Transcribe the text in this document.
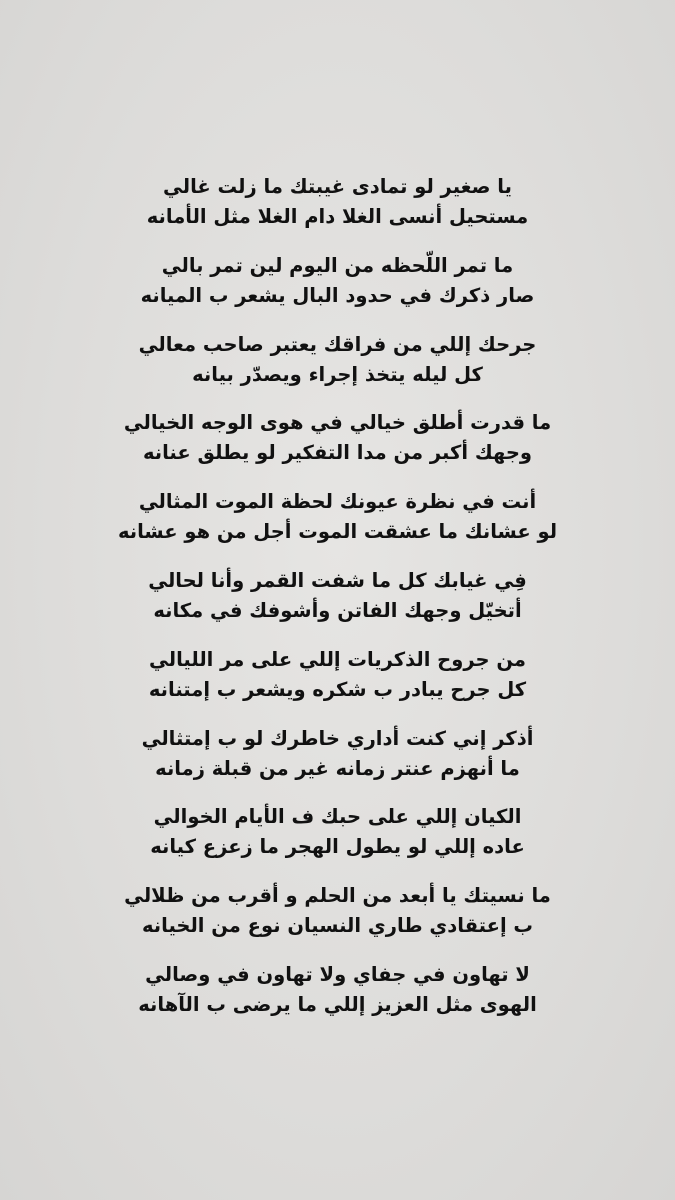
يا صغير لو تمادى غيبتك ما زلت غالي
مستحيل أنسى الغلا دام الغلا مثل الأمانه
ما تمر اللّحظه من اليوم لين تمر بالي
صار ذكرك في حدود البال يشعر ب الميانه
جرحك إللي من فراقك يعتبر صاحب معالي
كل ليله يتخذ إجراء ويصدّر بيانه
ما قدرت أطلق خيالي في هوى الوجه الخيالي
وجهك أكبر من مدا التفكير لو يطلق عنانه
أنت في نظرة عيونك لحظة الموت المثالي
لو عشانك ما عشقت الموت أجل من هو عشانه
فِي غيابك كل ما شفت القمر وأنا لحالي
أتخيّل وجهك الفاتن وأشوفك في مكانه
من جروح الذكريات إللي على مر الليالي
كل جرح يبادر ب شكره ويشعر ب إمتنانه
أذكر إني كنت أداري خاطرك لو ب إمتثالي
ما أنهزم عنتر زمانه غير من قبلة زمانه
الكيان إللي على حبك ف الأيام الخوالي
عاده إللي لو يطول الهجر ما زعزع كيانه
ما نسيتك يا أبعد من الحلم و أقرب من ظلالي
ب إعتقادي طاري النسيان نوع من الخيانه
لا تهاون في جفاي ولا تهاون في وصالي
الهوى مثل العزيز إللي ما يرضى ب الآهانه
